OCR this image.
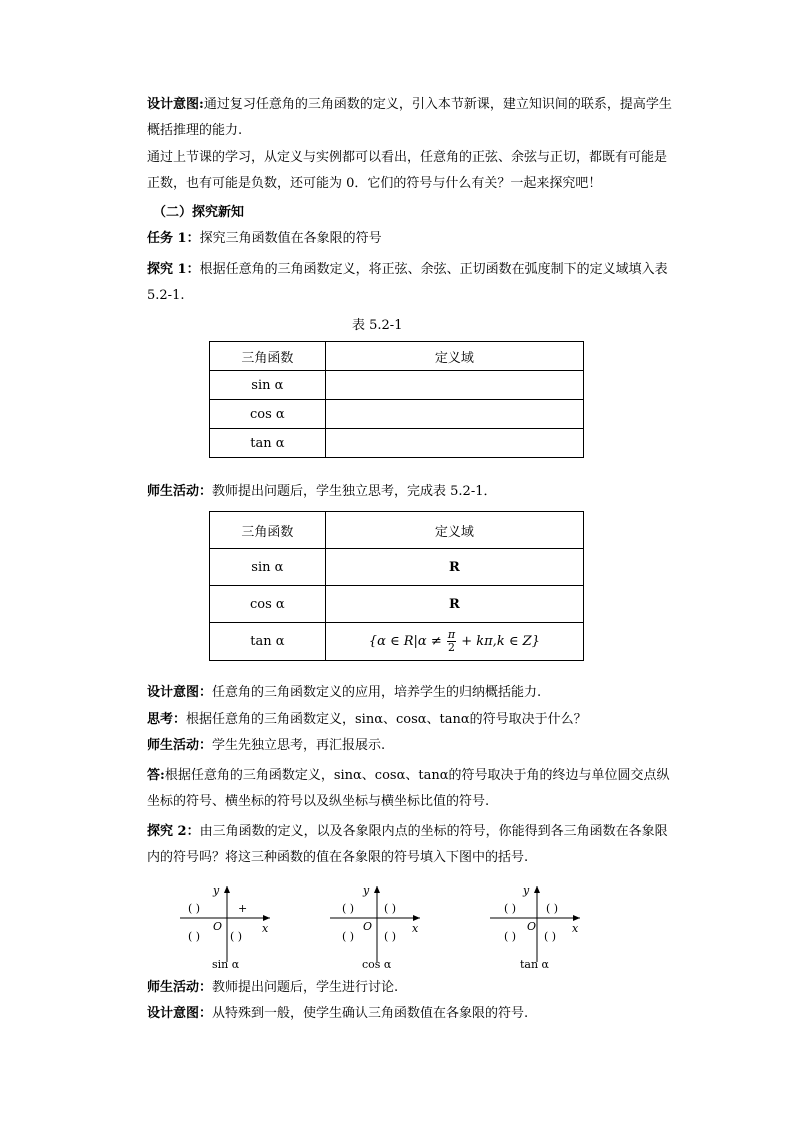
设计意图:通过复习任意角的三角函数的定义，引入本节新课，建立知识间的联系，提高学生概括推理的能力.

通过上节课的学习，从定义与实例都可以看出，任意角的正弦、余弦与正切，都既有可能是正数，也有可能是负数，还可能为 0．它们的符号与什么有关？一起来探究吧！

（二）探究新知

任务 1：探究三角函数值在各象限的符号

探究 1：根据任意角的三角函数定义，将正弦、余弦、正切函数在弧度制下的定义域填入表 5.2-1.

表 5.2-1
三角函数	定义域
sin α	
cos α	
tan α	

师生活动：教师提出问题后，学生独立思考，完成表 5.2-1．

三角函数	定义域
sin α	R
cos α	R
tan α	{α ∈ $R|\alpha \ne \frac{\pi}{2} + k\pi,k$ ∈ Z}

设计意图：任意角的三角函数定义的应用，培养学生的归纳概括能力.

思考：根据任意角的三角函数定义，sinα、cosα、tanα的符号取决于什么？

师生活动：学生先独立思考，再汇报展示.

答:根据任意角的三角函数定义，sinα、cosα、tanα的符号取决于角的终边与单位圆交点纵坐标的符号、横坐标的符号以及纵坐标与横坐标比值的符号.

探究 2：由三角函数的定义，以及各象限内点的坐标的符号，你能得到各三角函数在各象限内的符号吗？将这三种函数的值在各象限的符号填入下图中的括号.

y
x
O
( )	+
( )	( )
sin α
y
x
O
( )	( )
( )	( )
cos α
y
x
O
( )	( )
( )	( )
tan α

师生活动：教师提出问题后，学生进行讨论.

设计意图：从特殊到一般，使学生确认三角函数值在各象限的符号.
